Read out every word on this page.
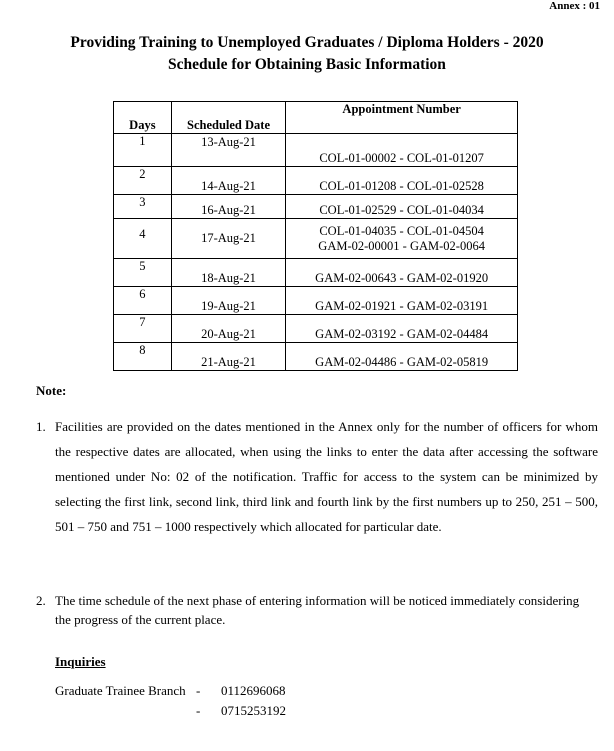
Annex : 01
Providing Training to Unemployed Graduates / Diploma Holders - 2020
Schedule for Obtaining Basic Information
Days	Scheduled Date	Appointment Number
1	13-Aug-21	COL-01-00002 - COL-01-01207

2	14-Aug-21	COL-01-01208 - COL-01-02528

3	16-Aug-21	COL-01-02529 - COL-01-04034

4	17-Aug-21	COL-01-04035 - COL-01-04504
GAM-02-00001 - GAM-02-0064

5	18-Aug-21	GAM-02-00643 - GAM-02-01920

6	19-Aug-21	GAM-02-01921 - GAM-02-03191

7	20-Aug-21	GAM-02-03192 - GAM-02-04484

8	21-Aug-21	GAM-02-04486 - GAM-02-05819
Note:
1. Facilities are provided on the dates mentioned in the Annex only for the number of officers for whom the respective dates are allocated, when using the links to enter the data after accessing the software mentioned under No: 02 of the notification. Traffic for access to the system can be minimized by selecting the first link, second link, third link and fourth link by the first numbers up to 250, 251 – 500, 501 – 750 and 751 – 1000 respectively which allocated for particular date.
2. The time schedule of the next phase of entering information will be noticed immediately considering the progress of the current place.
Inquiries
Graduate Trainee Branch - 0112696068
- 0715253192
